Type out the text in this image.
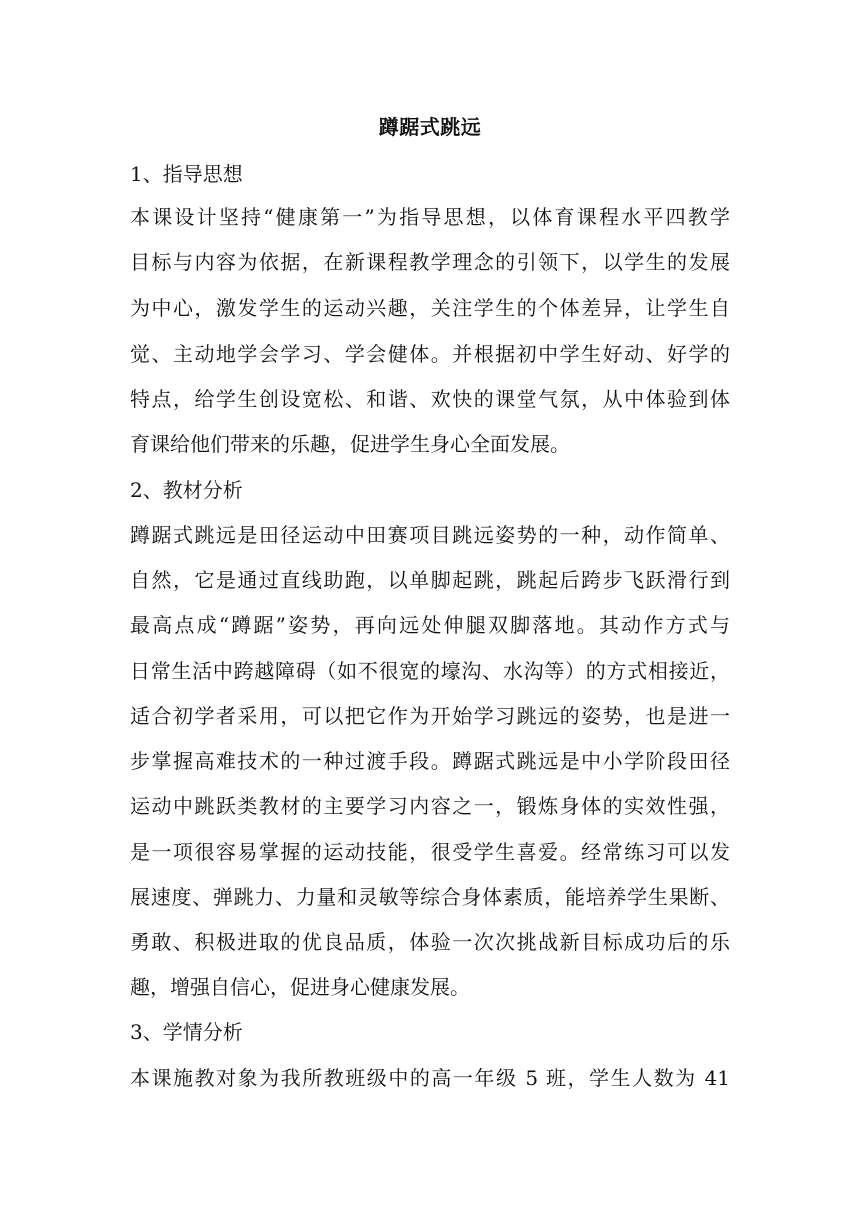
蹲踞式跳远

1、指导思想

本课设计坚持“健康第一”为指导思想，以体育课程水平四教学

目标与内容为依据，在新课程教学理念的引领下，以学生的发展

为中心，激发学生的运动兴趣，关注学生的个体差异，让学生自

觉、主动地学会学习、学会健体。并根据初中学生好动、好学的

特点，给学生创设宽松、和谐、欢快的课堂气氛，从中体验到体

育课给他们带来的乐趣，促进学生身心全面发展。

2、教材分析

蹲踞式跳远是田径运动中田赛项目跳远姿势的一种，动作简单、

自然，它是通过直线助跑，以单脚起跳，跳起后跨步飞跃滑行到

最高点成“蹲踞”姿势，再向远处伸腿双脚落地。其动作方式与

日常生活中跨越障碍（如不很宽的壕沟、水沟等）的方式相接近，

适合初学者采用，可以把它作为开始学习跳远的姿势，也是进一

步掌握高难技术的一种过渡手段。蹲踞式跳远是中小学阶段田径

运动中跳跃类教材的主要学习内容之一，锻炼身体的实效性强，

是一项很容易掌握的运动技能，很受学生喜爱。经常练习可以发

展速度、弹跳力、力量和灵敏等综合身体素质，能培养学生果断、

勇敢、积极进取的优良品质，体验一次次挑战新目标成功后的乐

趣，增强自信心，促进身心健康发展。

3、学情分析

本课施教对象为我所教班级中的高一年级 5 班，学生人数为 41
